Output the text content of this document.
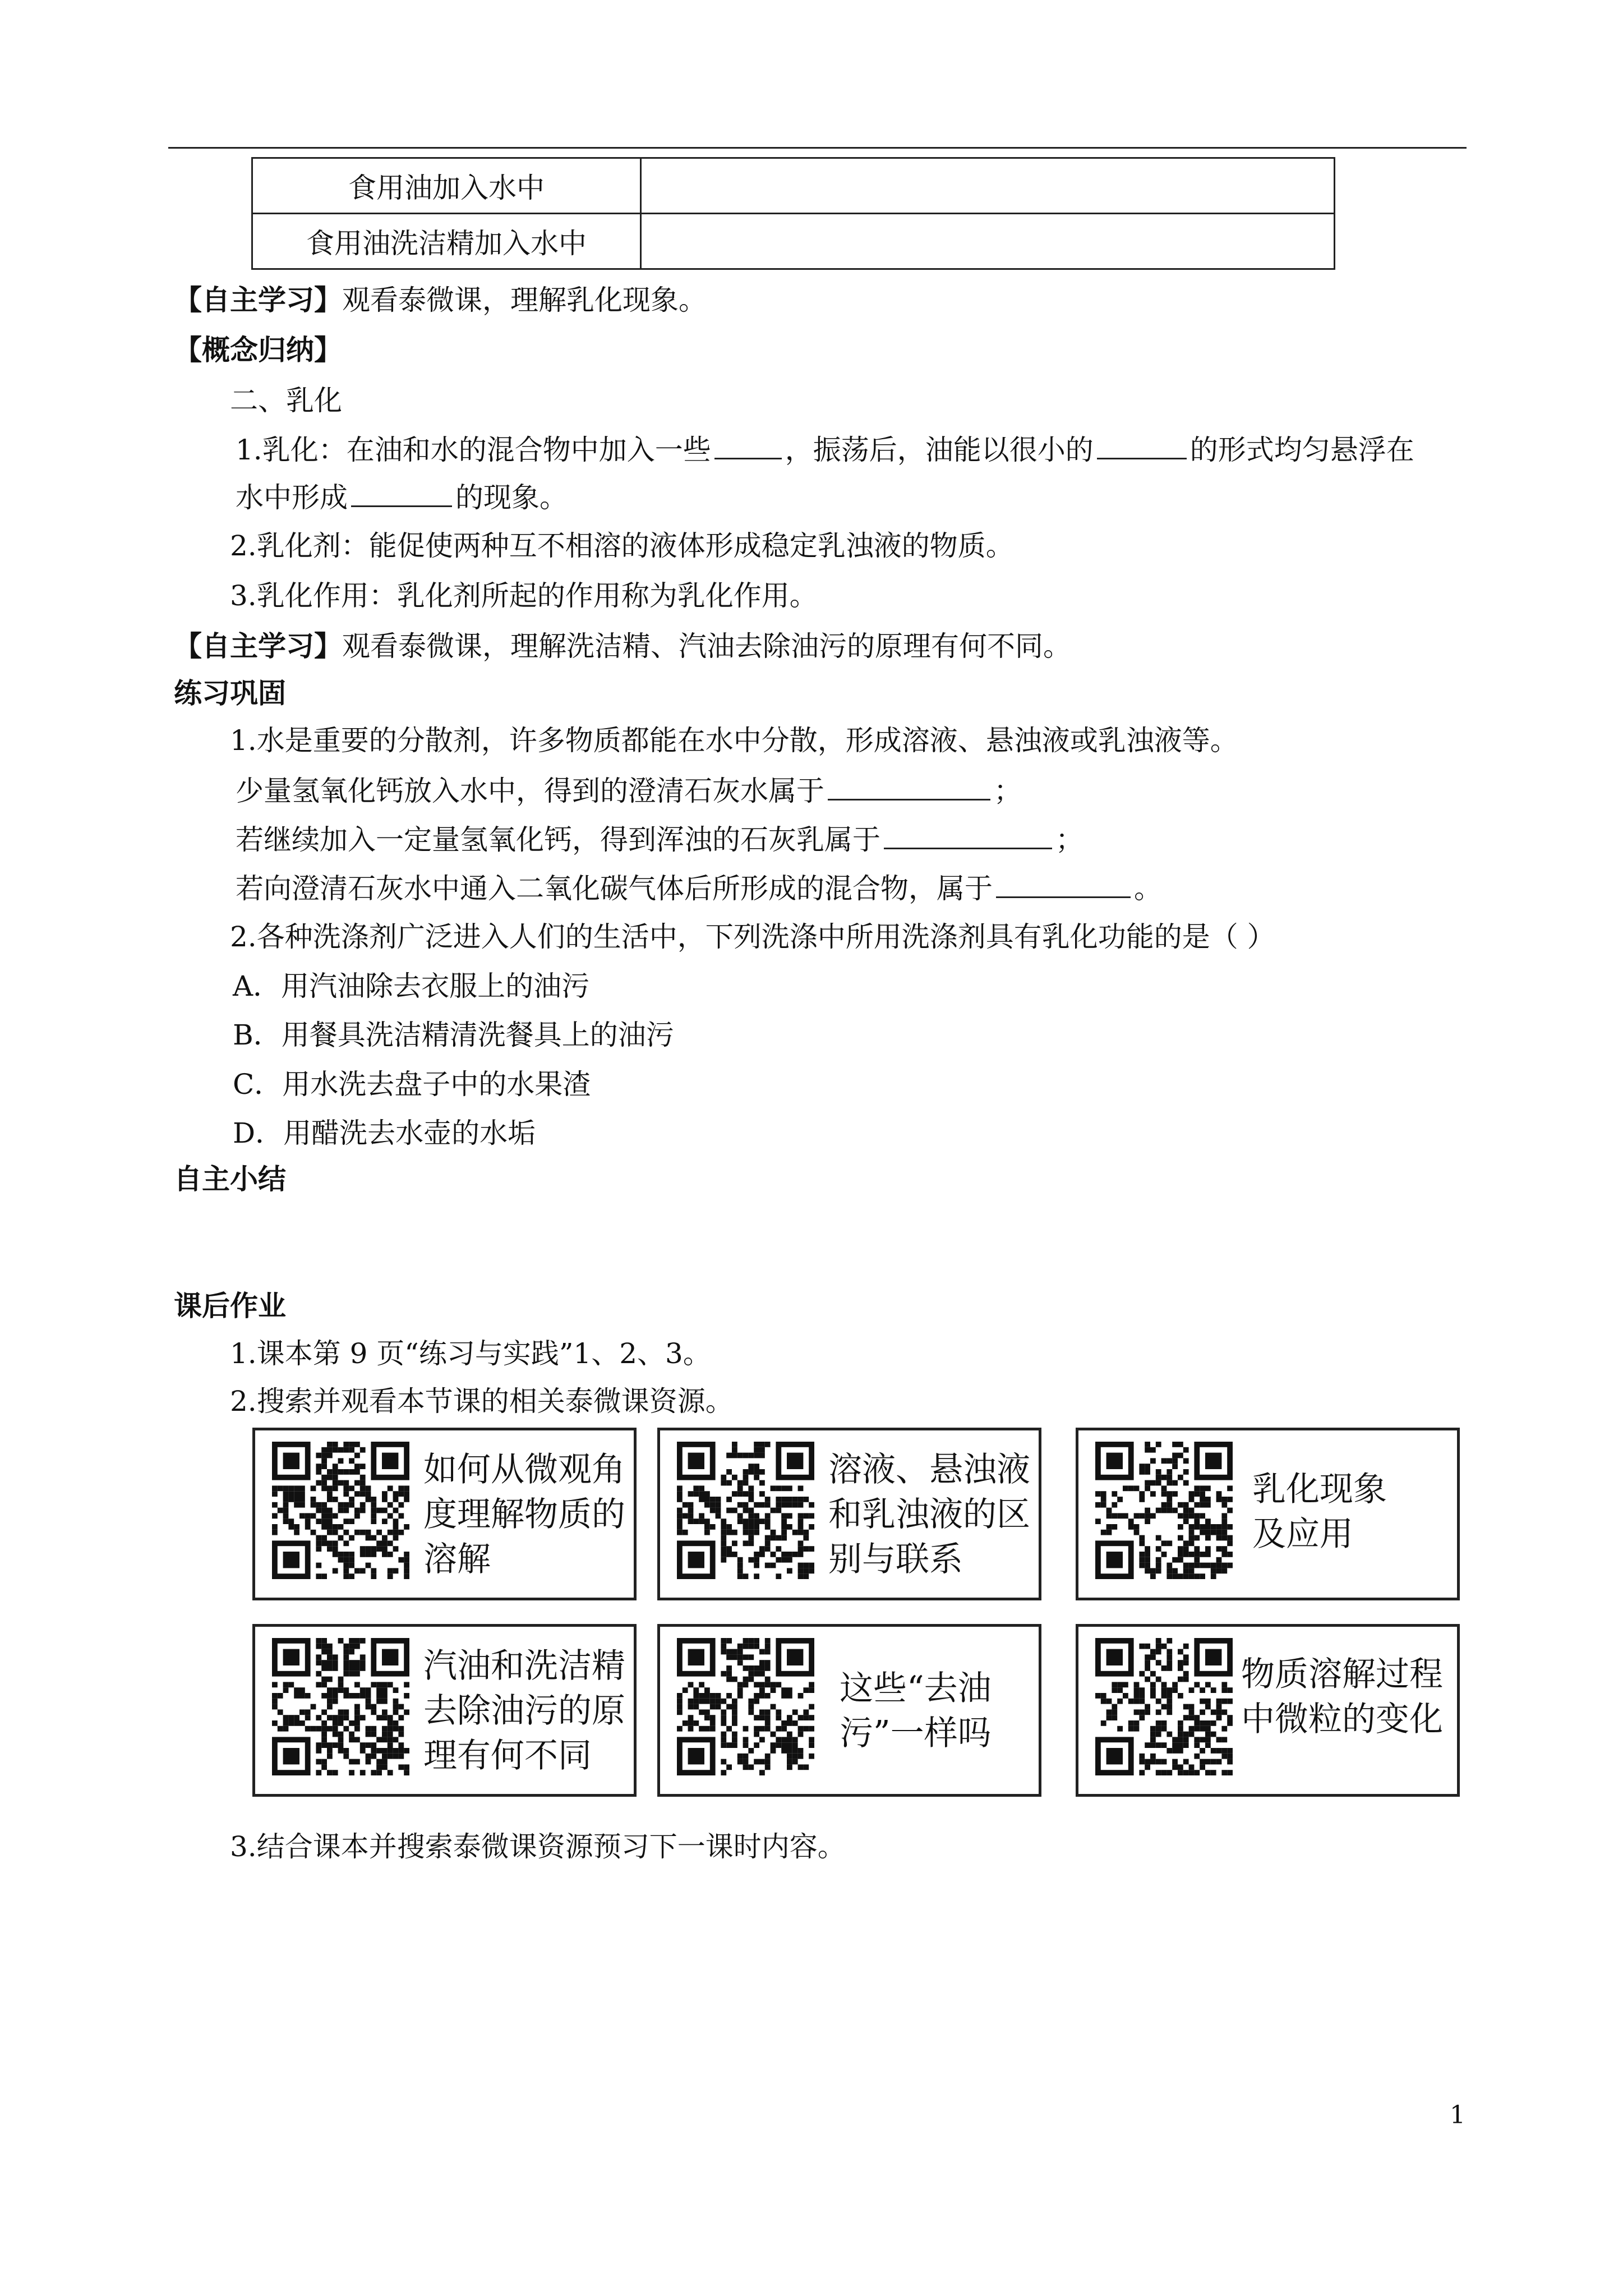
食用油加入水中	
食用油洗洁精加入水中	
【自主学习】观看泰微课，理解乳化现象。
【概念归纳】
二、乳化
1.乳化：在油和水的混合物中加入一些	，振荡后，油能以很小的	的形式均匀悬浮在
水中形成	的现象。
2.乳化剂：能促使两种互不相溶的液体形成稳定乳浊液的物质。
3.乳化作用：乳化剂所起的作用称为乳化作用。
【自主学习】观看泰微课，理解洗洁精、汽油去除油污的原理有何不同。
练习巩固
1.水是重要的分散剂，许多物质都能在水中分散，形成溶液、悬浊液或乳浊液等。
少量氢氧化钙放入水中，得到的澄清石灰水属于	；
若继续加入一定量氢氧化钙，得到浑浊的石灰乳属于	；
若向澄清石灰水中通入二氧化碳气体后所形成的混合物，属于	。
2.各种洗涤剂广泛进入人们的生活中，下列洗涤中所用洗涤剂具有乳化功能的是（ ）
A．用汽油除去衣服上的油污
B．用餐具洗洁精清洗餐具上的油污
C．用水洗去盘子中的水果渣
D．用醋洗去水壶的水垢
自主小结
课后作业
1.课本第 9 页“练习与实践”1、2、3。
2.搜索并观看本节课的相关泰微课资源。
如何从微观角度理解物质的溶解
溶液、悬浊液和乳浊液的区别与联系
乳化现象及应用
汽油和洗洁精去除油污的原理有何不同
这些“去油污”一样吗
物质溶解过程中微粒的变化
3.结合课本并搜索泰微课资源预习下一课时内容。
1
